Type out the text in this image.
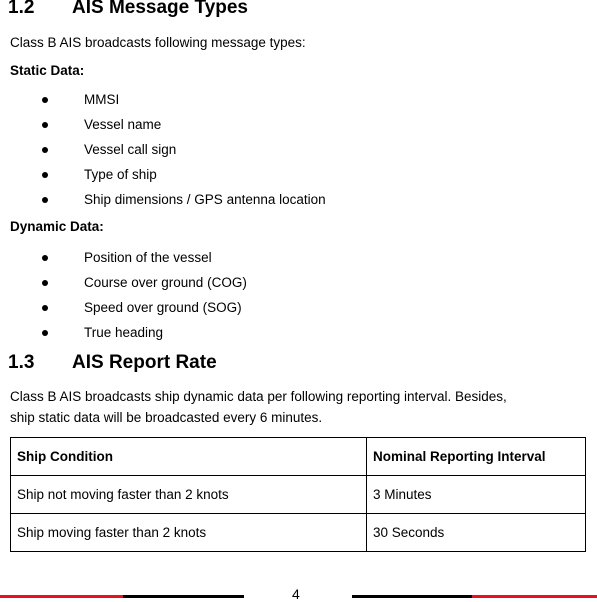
1.2 AIS Message Types

Class B AIS broadcasts following message types:

Static Data:

MMSI
Vessel name
Vessel call sign
Type of ship
Ship dimensions / GPS antenna location

Dynamic Data:

Position of the vessel
Course over ground (COG)
Speed over ground (SOG)
True heading
1.3 AIS Report Rate

Class B AIS broadcasts ship dynamic data per following reporting interval. Besides,

ship static data will be broadcasted every 6 minutes.

Ship Condition	Nominal Reporting Interval
Ship not moving faster than 2 knots	3 Minutes
Ship moving faster than 2 knots	30 Seconds
4
